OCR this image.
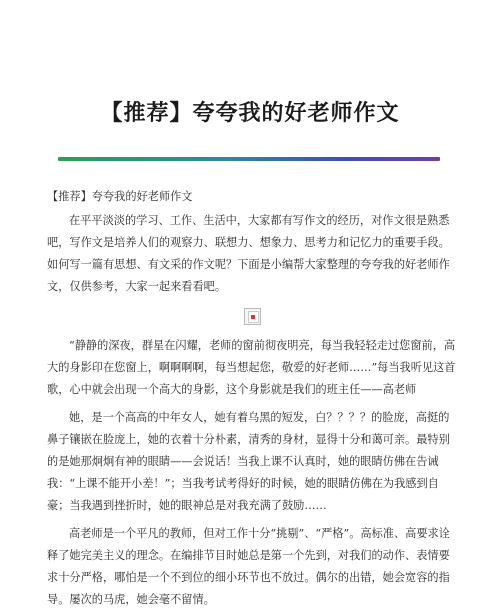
【推荐】夸夸我的好老师作文

【推荐】夸夸我的好老师作文

在平平淡淡的学习、工作、生活中，大家都有写作文的经历，对作文很是熟悉吧，写作文是培养人们的观察力、联想力、想象力、思考力和记忆力的重要手段。如何写一篇有思想、有文采的作文呢？下面是小编帮大家整理的夸夸我的好老师作文，仅供参考，大家一起来看看吧。

“静静的深夜，群星在闪耀，老师的窗前彻夜明亮，每当我轻轻走过您窗前，高大的身影印在您窗上，啊啊啊啊，每当想起您，敬爱的好老师……”每当我听见这首歌，心中就会出现一个高大的身影，这个身影就是我们的班主任——高老师

她，是一个高高的中年女人，她有着乌黑的短发，白？？？？的脸庞，高挺的鼻子镶嵌在脸庞上，她的衣着十分朴素，清秀的身材，显得十分和蔼可亲。最特别的是她那炯炯有神的眼睛——会说话！当我上课不认真时，她的眼睛仿佛在告诫我：“上课不能开小差！”；当我考试考得好的时候，她的眼睛仿佛在为我感到自豪；当我遇到挫折时，她的眼神总是对我充满了鼓励……

高老师是一个平凡的教师，但对工作十分“挑剔”、“严格”。高标准、高要求诠释了她完美主义的理念。在编排节目时她总是第一个先到，对我们的动作、表情要求十分严格，哪怕是一个不到位的细小环节也不放过。偶尔的出错，她会宽容的指导。屡次的马虎，她会毫不留情。
